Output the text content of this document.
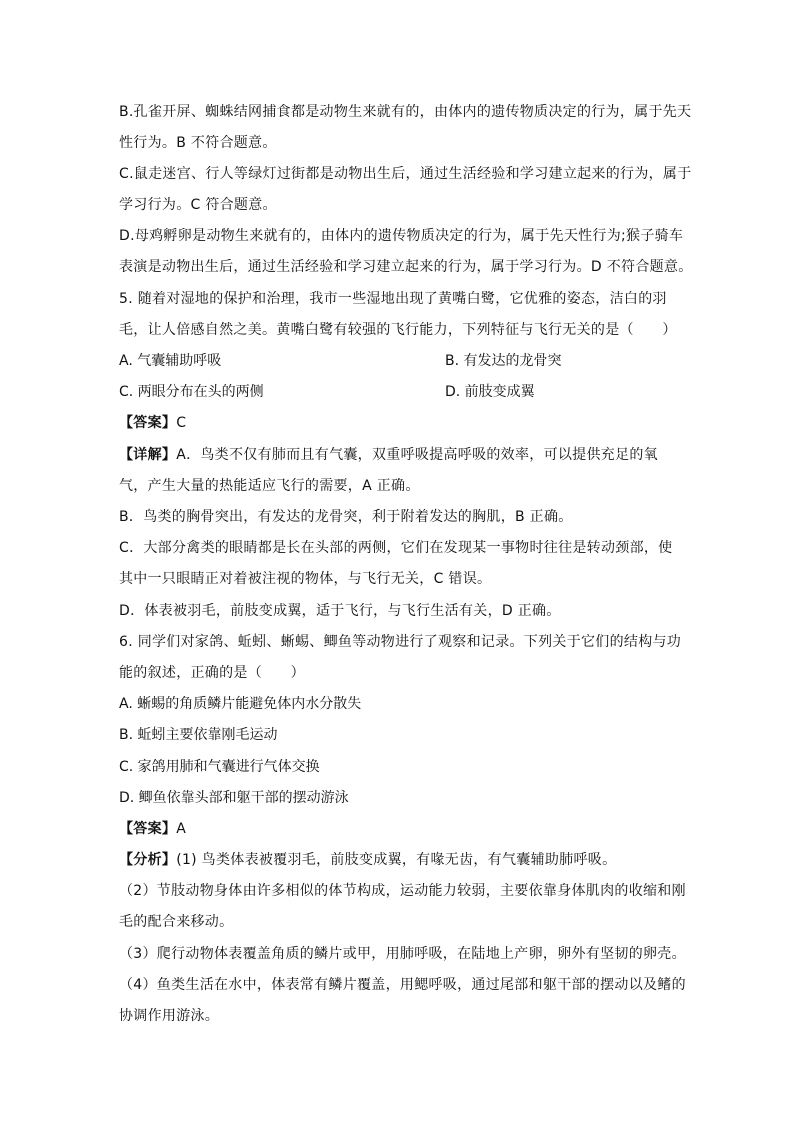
B.孔雀开屏、蜘蛛结网捕食都是动物生来就有的，由体内的遗传物质决定的行为，属于先天
性行为。B 不符合题意。
C.鼠走迷宫、行人等绿灯过街都是动物出生后，通过生活经验和学习建立起来的行为，属于
学习行为。C 符合题意。
D.母鸡孵卵是动物生来就有的，由体内的遗传物质决定的行为，属于先天性行为;猴子骑车
表演是动物出生后，通过生活经验和学习建立起来的行为，属于学习行为。D 不符合题意。
5. 随着对湿地的保护和治理，我市一些湿地出现了黄嘴白鹭，它优雅的姿态，洁白的羽
毛，让人倍感自然之美。黄嘴白鹭有较强的飞行能力，下列特征与飞行无关的是（　　）
A. 气囊辅助呼吸	B. 有发达的龙骨突
C. 两眼分布在头的两侧	D. 前肢变成翼
【答案】C
【详解】A．鸟类不仅有肺而且有气囊，双重呼吸提高呼吸的效率，可以提供充足的氧
气，产生大量的热能适应飞行的需要，A 正确。
B．鸟类的胸骨突出，有发达的龙骨突，利于附着发达的胸肌，B 正确。
C．大部分禽类的眼睛都是长在头部的两侧，它们在发现某一事物时往往是转动颈部，使
其中一只眼睛正对着被注视的物体，与飞行无关，C 错误。
D．体表被羽毛，前肢变成翼，适于飞行，与飞行生活有关，D 正确。
6. 同学们对家鸽、蚯蚓、蜥蜴、鲫鱼等动物进行了观察和记录。下列关于它们的结构与功
能的叙述，正确的是（　　）
A. 蜥蜴的角质鳞片能避免体内水分散失
B. 蚯蚓主要依靠刚毛运动
C. 家鸽用肺和气囊进行气体交换
D. 鲫鱼依靠头部和躯干部的摆动游泳
【答案】A
【分析】(1) 鸟类体表被覆羽毛，前肢变成翼，有喙无齿，有气囊辅助肺呼吸。
（2）节肢动物身体由许多相似的体节构成，运动能力较弱，主要依靠身体肌肉的收缩和刚
毛的配合来移动。
（3）爬行动物体表覆盖角质的鳞片或甲，用肺呼吸，在陆地上产卵，卵外有坚韧的卵壳。
（4）鱼类生活在水中，体表常有鳞片覆盖，用鳃呼吸，通过尾部和躯干部的摆动以及鳍的
协调作用游泳。
